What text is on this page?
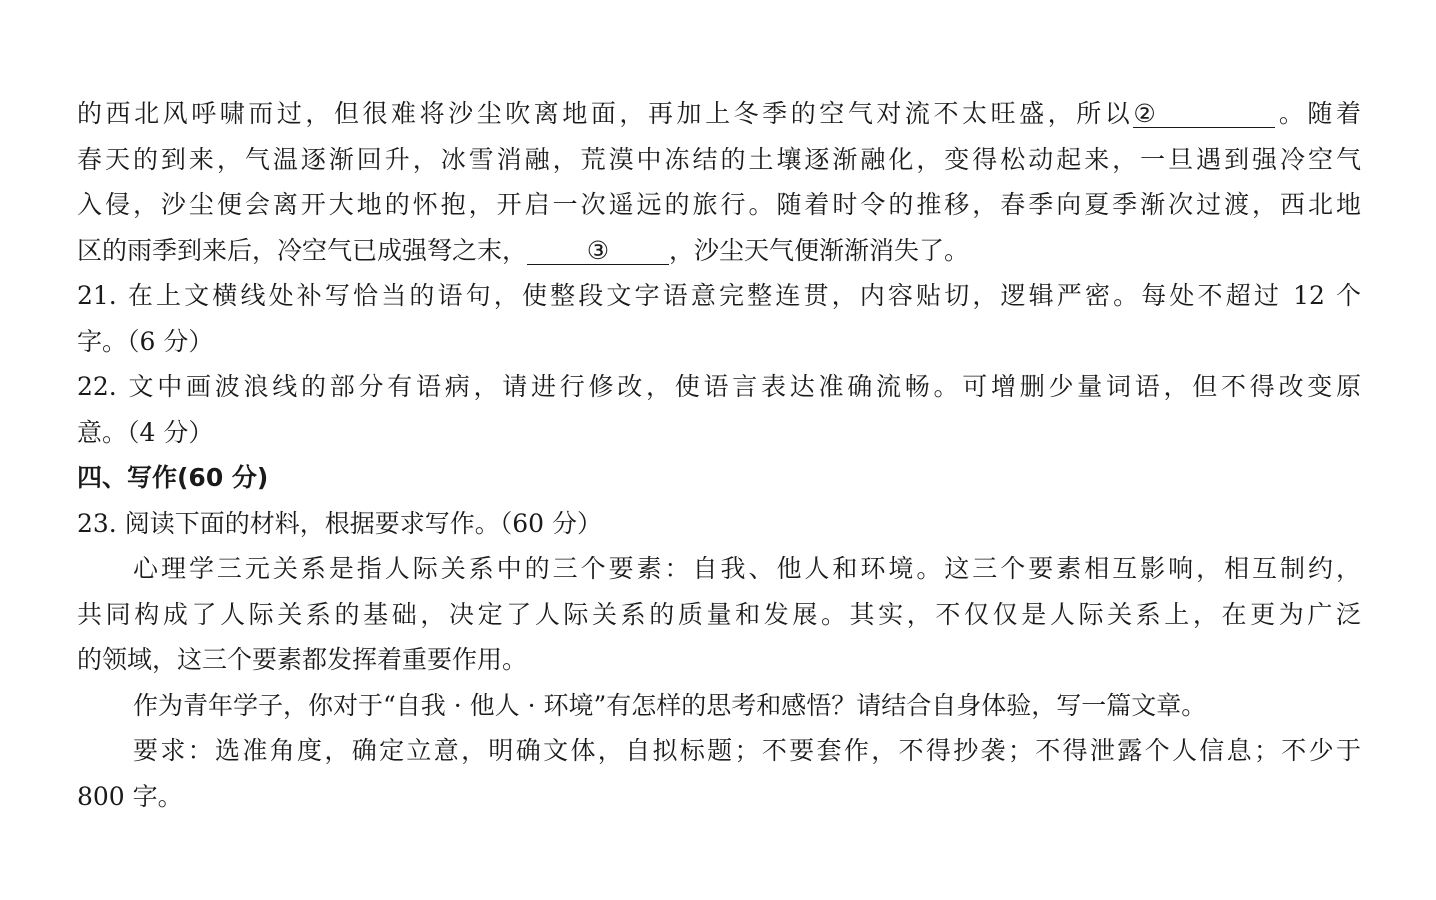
的西北风呼啸而过，但很难将沙尘吹离地面，再加上冬季的空气对流不太旺盛，所以②	。随着
春天的到来，气温逐渐回升，冰雪消融，荒漠中冻结的土壤逐渐融化，变得松动起来，一旦遇到强冷空气
入侵，沙尘便会离开大地的怀抱，开启一次遥远的旅行。随着时令的推移，春季向夏季渐次过渡，西北地
区的雨季到来后，冷空气已成强弩之末， ③ ，沙尘天气便渐渐消失了。
21. 在上文横线处补写恰当的语句，使整段文字语意完整连贯，内容贴切，逻辑严密。每处不超过 12 个
字。（6 分）
22. 文中画波浪线的部分有语病，请进行修改，使语言表达准确流畅。可增删少量词语，但不得改变原
意。（4 分）
四、写作(60 分)
23. 阅读下面的材料，根据要求写作。（60 分）
心理学三元关系是指人际关系中的三个要素：自我、他人和环境。这三个要素相互影响，相互制约，
共同构成了人际关系的基础，决定了人际关系的质量和发展。其实，不仅仅是人际关系上，在更为广泛
的领域，这三个要素都发挥着重要作用。
作为青年学子，你对于“自我 · 他人 · 环境”有怎样的思考和感悟？请结合自身体验，写一篇文章。
要求：选准角度，确定立意，明确文体，自拟标题；不要套作，不得抄袭；不得泄露个人信息；不少于
800 字。
